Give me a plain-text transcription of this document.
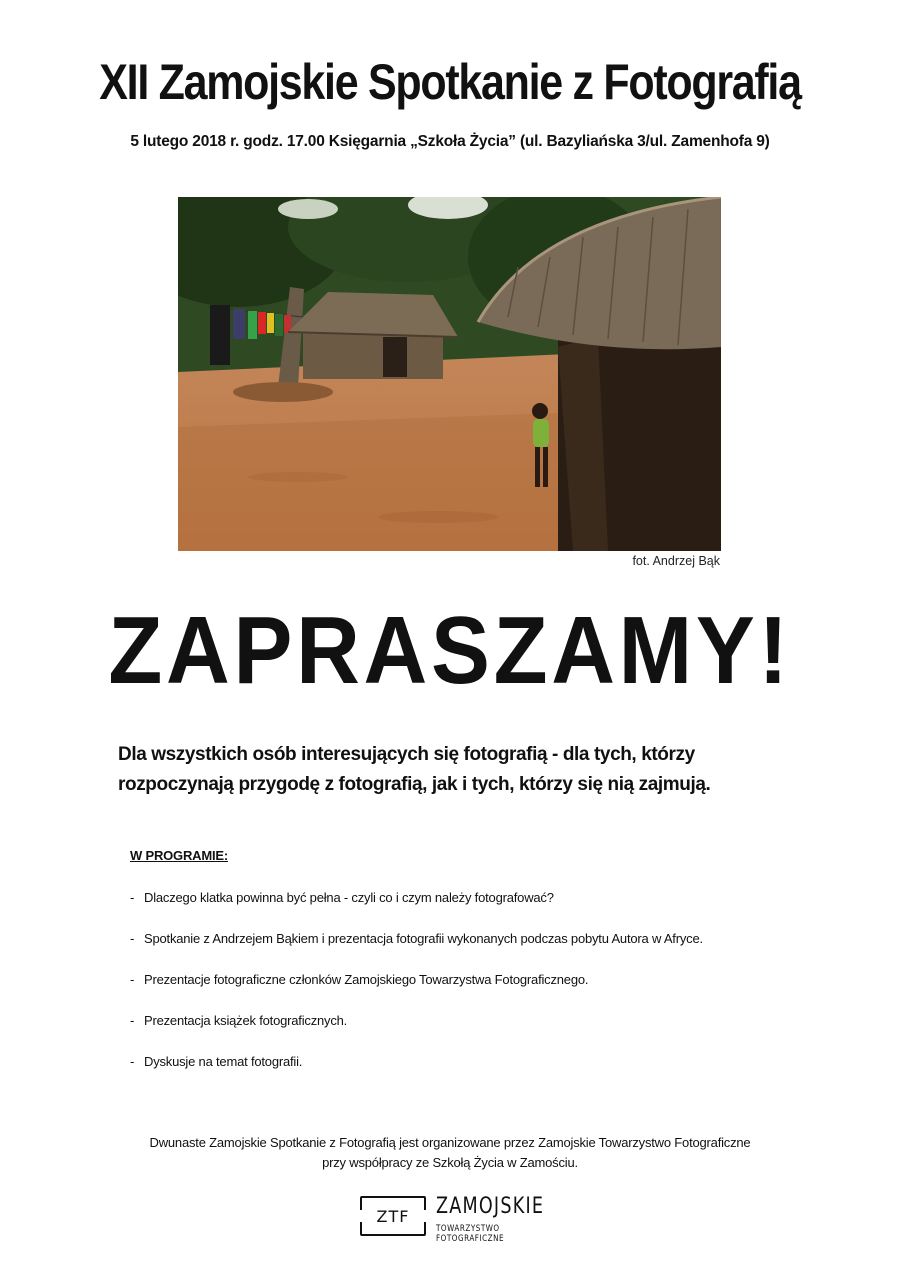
XII Zamojskie Spotkanie z Fotografią
5 lutego 2018 r. godz. 17.00 Księgarnia „Szkoła Życia” (ul. Bazyliańska 3/ul. Zamenhofa 9)
fot. Andrzej Bąk
ZAPRASZAMY!
Dla wszystkich osób interesujących się fotografią - dla tych, którzy rozpoczynają przygodę z fotografią, jak i tych, którzy się nią zajmują.
W PROGRAMIE:
- Dlaczego klatka powinna być pełna - czyli co i czym należy fotografować?
- Spotkanie z Andrzejem Bąkiem i prezentacja fotografii wykonanych podczas pobytu Autora w Afryce.
- Prezentacje fotograficzne członków Zamojskiego Towarzystwa Fotograficznego.
- Prezentacja książek fotograficznych.
- Dyskusje na temat fotografii.
Dwunaste Zamojskie Spotkanie z Fotografią jest organizowane przez Zamojskie Towarzystwo Fotograficzne
przy współpracy ze Szkołą Życia w Zamościu.
ZTF	ZAMOJSKIE
TOWARZYSTWO FOTOGRAFICZNE
